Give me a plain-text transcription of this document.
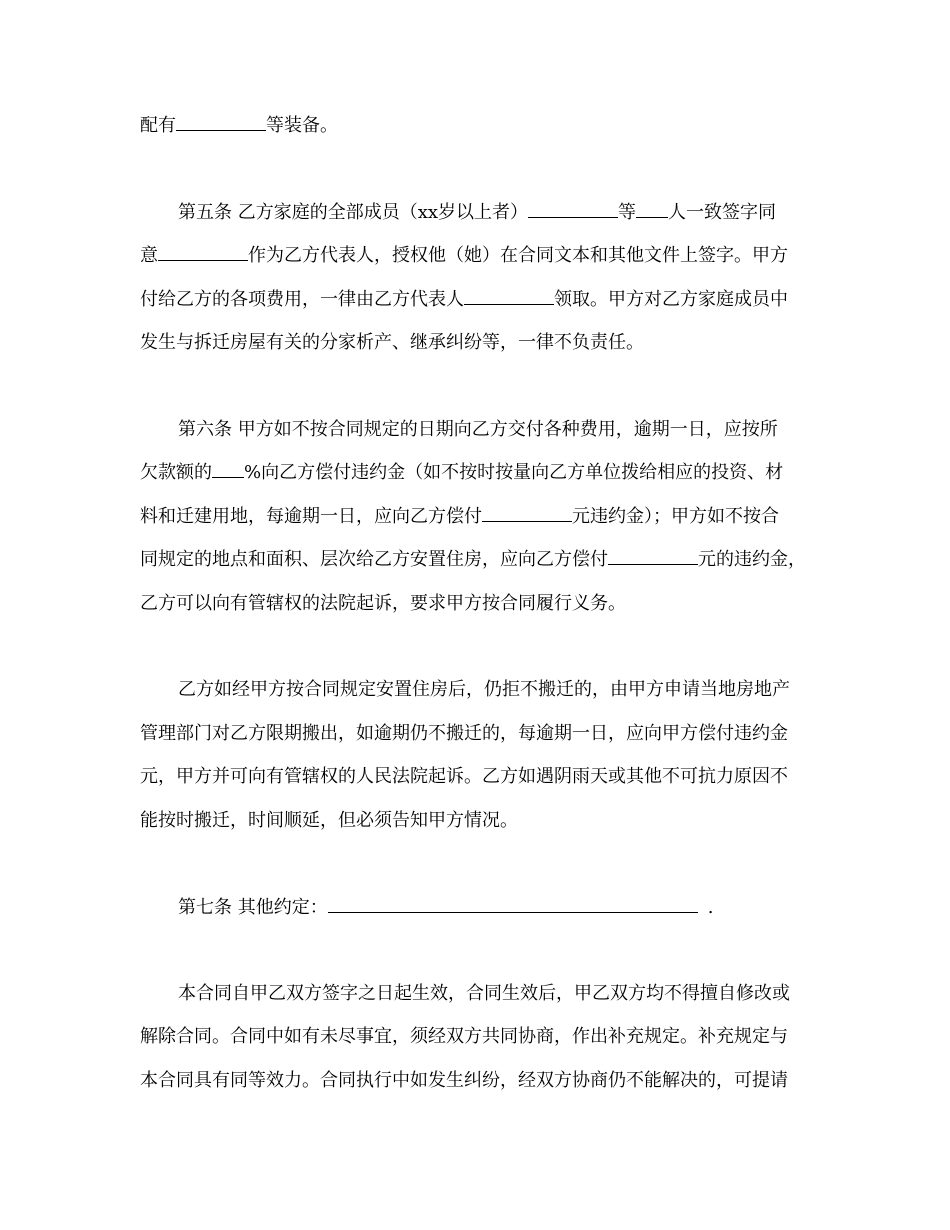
配有	等装备。
第五条 乙方家庭的全部成员（xx岁以上者）	等 人一致签字同
意	作为乙方代表人，授权他（她）在合同文本和其他文件上签字。甲方
付给乙方的各项费用，一律由乙方代表人	领取。甲方对乙方家庭成员中
发生与拆迁房屋有关的分家析产、继承纠纷等，一律不负责任。
第六条 甲方如不按合同规定的日期向乙方交付各种费用，逾期一日，应按所
欠款额的 %向乙方偿付违约金（如不按时按量向乙方单位拨给相应的投资、材
料和迁建用地，每逾期一日，应向乙方偿付	元违约金）；甲方如不按合
同规定的地点和面积、层次给乙方安置住房，应向乙方偿付	元的违约金，
乙方可以向有管辖权的法院起诉，要求甲方按合同履行义务。
乙方如经甲方按合同规定安置住房后，仍拒不搬迁的，由甲方申请当地房地产
管理部门对乙方限期搬出，如逾期仍不搬迁的，每逾期一日，应向甲方偿付违约金
元，甲方并可向有管辖权的人民法院起诉。乙方如遇阴雨天或其他不可抗力原因不
能按时搬迁，时间顺延，但必须告知甲方情况。
第七条 其他约定：	.
本合同自甲乙双方签字之日起生效，合同生效后，甲乙双方均不得擅自修改或
解除合同。合同中如有未尽事宜，须经双方共同协商，作出补充规定。补充规定与
本合同具有同等效力。合同执行中如发生纠纷，经双方协商仍不能解决的，可提请
